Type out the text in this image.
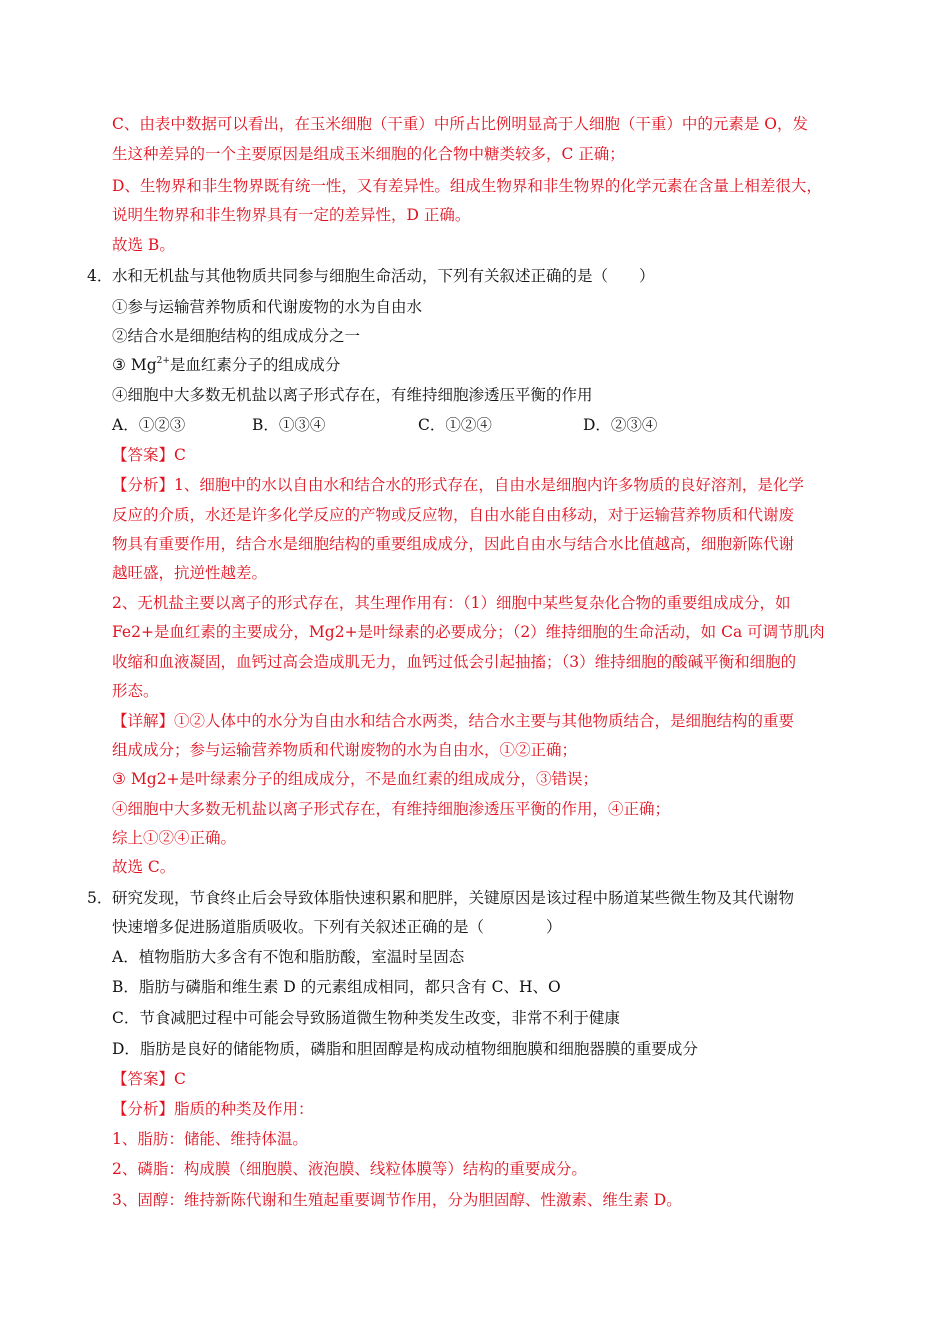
C、由表中数据可以看出，在玉米细胞（干重）中所占比例明显高于人细胞（干重）中的元素是 O，发
生这种差异的一个主要原因是组成玉米细胞的化合物中糖类较多，C 正确；
D、生物界和非生物界既有统一性，又有差异性。组成生物界和非生物界的化学元素在含量上相差很大，
说明生物界和非生物界具有一定的差异性，D 正确。
故选 B。
4． 水和无机盐与其他物质共同参与细胞生命活动，下列有关叙述正确的是（　　）
①参与运输营养物质和代谢废物的水为自由水
②结合水是细胞结构的组成成分之一
③ $Mg^{2+}$是血红素分子的组成成分
④细胞中大多数无机盐以离子形式存在，有维持细胞渗透压平衡的作用
A．①②③	B．①③④	C．①②④	D．②③④
【答案】C
【分析】1、细胞中的水以自由水和结合水的形式存在，自由水是细胞内许多物质的良好溶剂，是化学
反应的介质，水还是许多化学反应的产物或反应物，自由水能自由移动，对于运输营养物质和代谢废
物具有重要作用，结合水是细胞结构的重要组成成分，因此自由水与结合水比值越高，细胞新陈代谢
越旺盛，抗逆性越差。
2、无机盐主要以离子的形式存在，其生理作用有：（1）细胞中某些复杂化合物的重要组成成分，如
Fe2+是血红素的主要成分，Mg2+是叶绿素的必要成分；（2）维持细胞的生命活动，如 Ca 可调节肌肉
收缩和血液凝固，血钙过高会造成肌无力，血钙过低会引起抽搐；（3）维持细胞的酸碱平衡和细胞的
形态。
【详解】①②人体中的水分为自由水和结合水两类，结合水主要与其他物质结合，是细胞结构的重要
组成成分；参与运输营养物质和代谢废物的水为自由水，①②正确；
③ Mg2+是叶绿素分子的组成成分，不是血红素的组成成分，③错误；
④细胞中大多数无机盐以离子形式存在，有维持细胞渗透压平衡的作用，④正确；
综上①②④正确。
故选 C。
5． 研究发现，节食终止后会导致体脂快速积累和肥胖，关键原因是该过程中肠道某些微生物及其代谢物
快速增多促进肠道脂质吸收。下列有关叙述正确的是（　　　　）
A．植物脂肪大多含有不饱和脂肪酸，室温时呈固态
B．脂肪与磷脂和维生素 D 的元素组成相同，都只含有 C、H、O
C．节食减肥过程中可能会导致肠道微生物种类发生改变，非常不利于健康
D．脂肪是良好的储能物质，磷脂和胆固醇是构成动植物细胞膜和细胞器膜的重要成分
【答案】C
【分析】脂质的种类及作用：
1、脂肪：储能、维持体温。
2、磷脂：构成膜（细胞膜、液泡膜、线粒体膜等）结构的重要成分。
3、固醇：维持新陈代谢和生殖起重要调节作用，分为胆固醇、性激素、维生素 D。
